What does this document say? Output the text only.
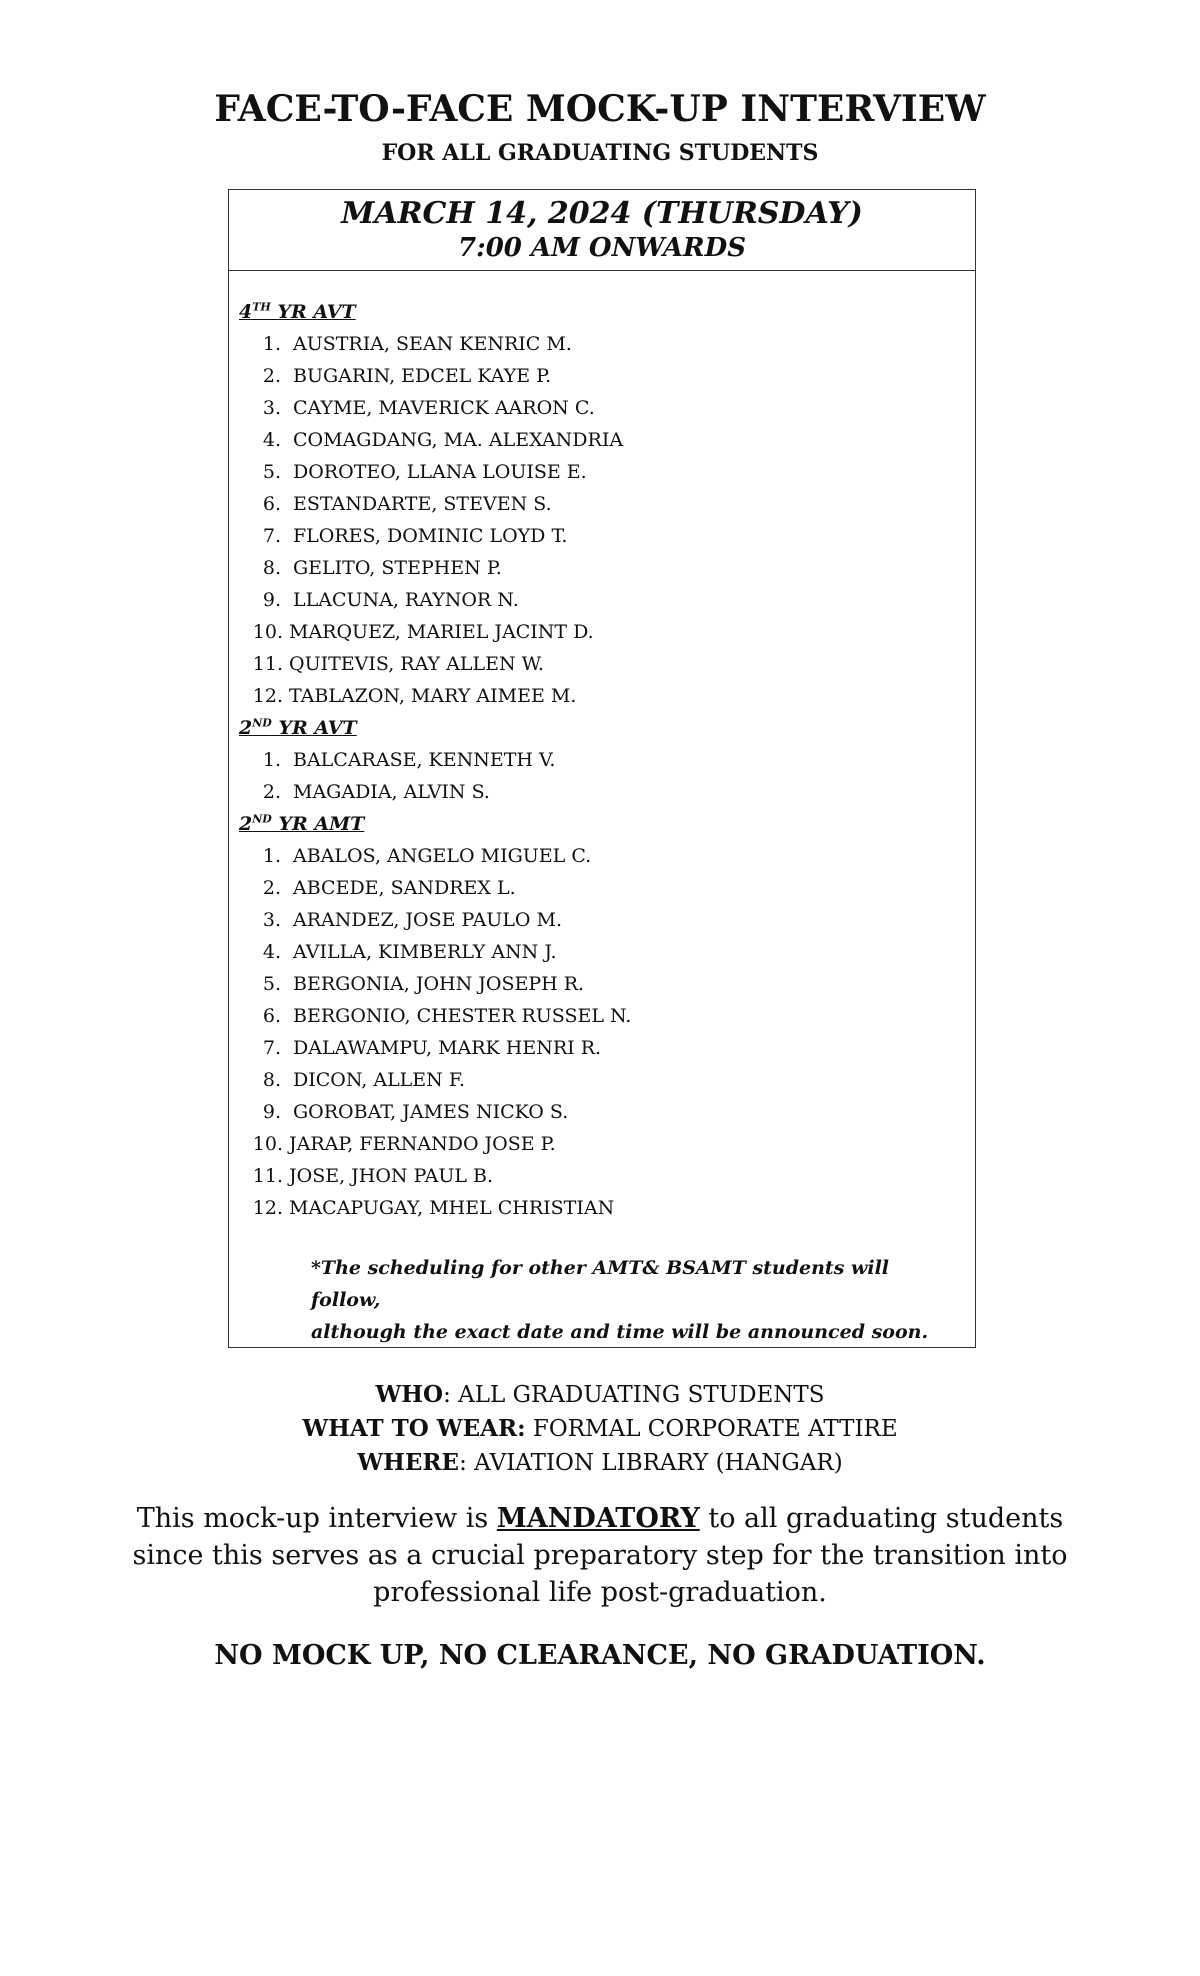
FACE-TO-FACE MOCK-UP INTERVIEW
FOR ALL GRADUATING STUDENTS
MARCH 14, 2024 (THURSDAY)
7:00 AM ONWARDS
4TH YR AVT
1. AUSTRIA, SEAN KENRIC M.
2. BUGARIN, EDCEL KAYE P.
3. CAYME, MAVERICK AARON C.
4. COMAGDANG, MA. ALEXANDRIA
5. DOROTEO, LLANA LOUISE E.
6. ESTANDARTE, STEVEN S.
7. FLORES, DOMINIC LOYD T.
8. GELITO, STEPHEN P.
9. LLACUNA, RAYNOR N.
10. MARQUEZ, MARIEL JACINT D.
11. QUITEVIS, RAY ALLEN W.
12. TABLAZON, MARY AIMEE M.
2ND YR AVT
1. BALCARASE, KENNETH V.
2. MAGADIA, ALVIN S.
2ND YR AMT
1. ABALOS, ANGELO MIGUEL C.
2. ABCEDE, SANDREX L.
3. ARANDEZ, JOSE PAULO M.
4. AVILLA, KIMBERLY ANN J.
5. BERGONIA, JOHN JOSEPH R.
6. BERGONIO, CHESTER RUSSEL N.
7. DALAWAMPU, MARK HENRI R.
8. DICON, ALLEN F.
9. GOROBAT, JAMES NICKO S.
10. JARAP, FERNANDO JOSE P.
11. JOSE, JHON PAUL B.
12. MACAPUGAY, MHEL CHRISTIAN
*The scheduling for other AMT& BSAMT students will follow,
although the exact date and time will be announced soon.
WHO: ALL GRADUATING STUDENTS
WHAT TO WEAR: FORMAL CORPORATE ATTIRE
WHERE: AVIATION LIBRARY (HANGAR)
This mock-up interview is MANDATORY to all graduating students since this serves as a crucial preparatory step for the transition into professional life post-graduation.
NO MOCK UP, NO CLEARANCE, NO GRADUATION.
